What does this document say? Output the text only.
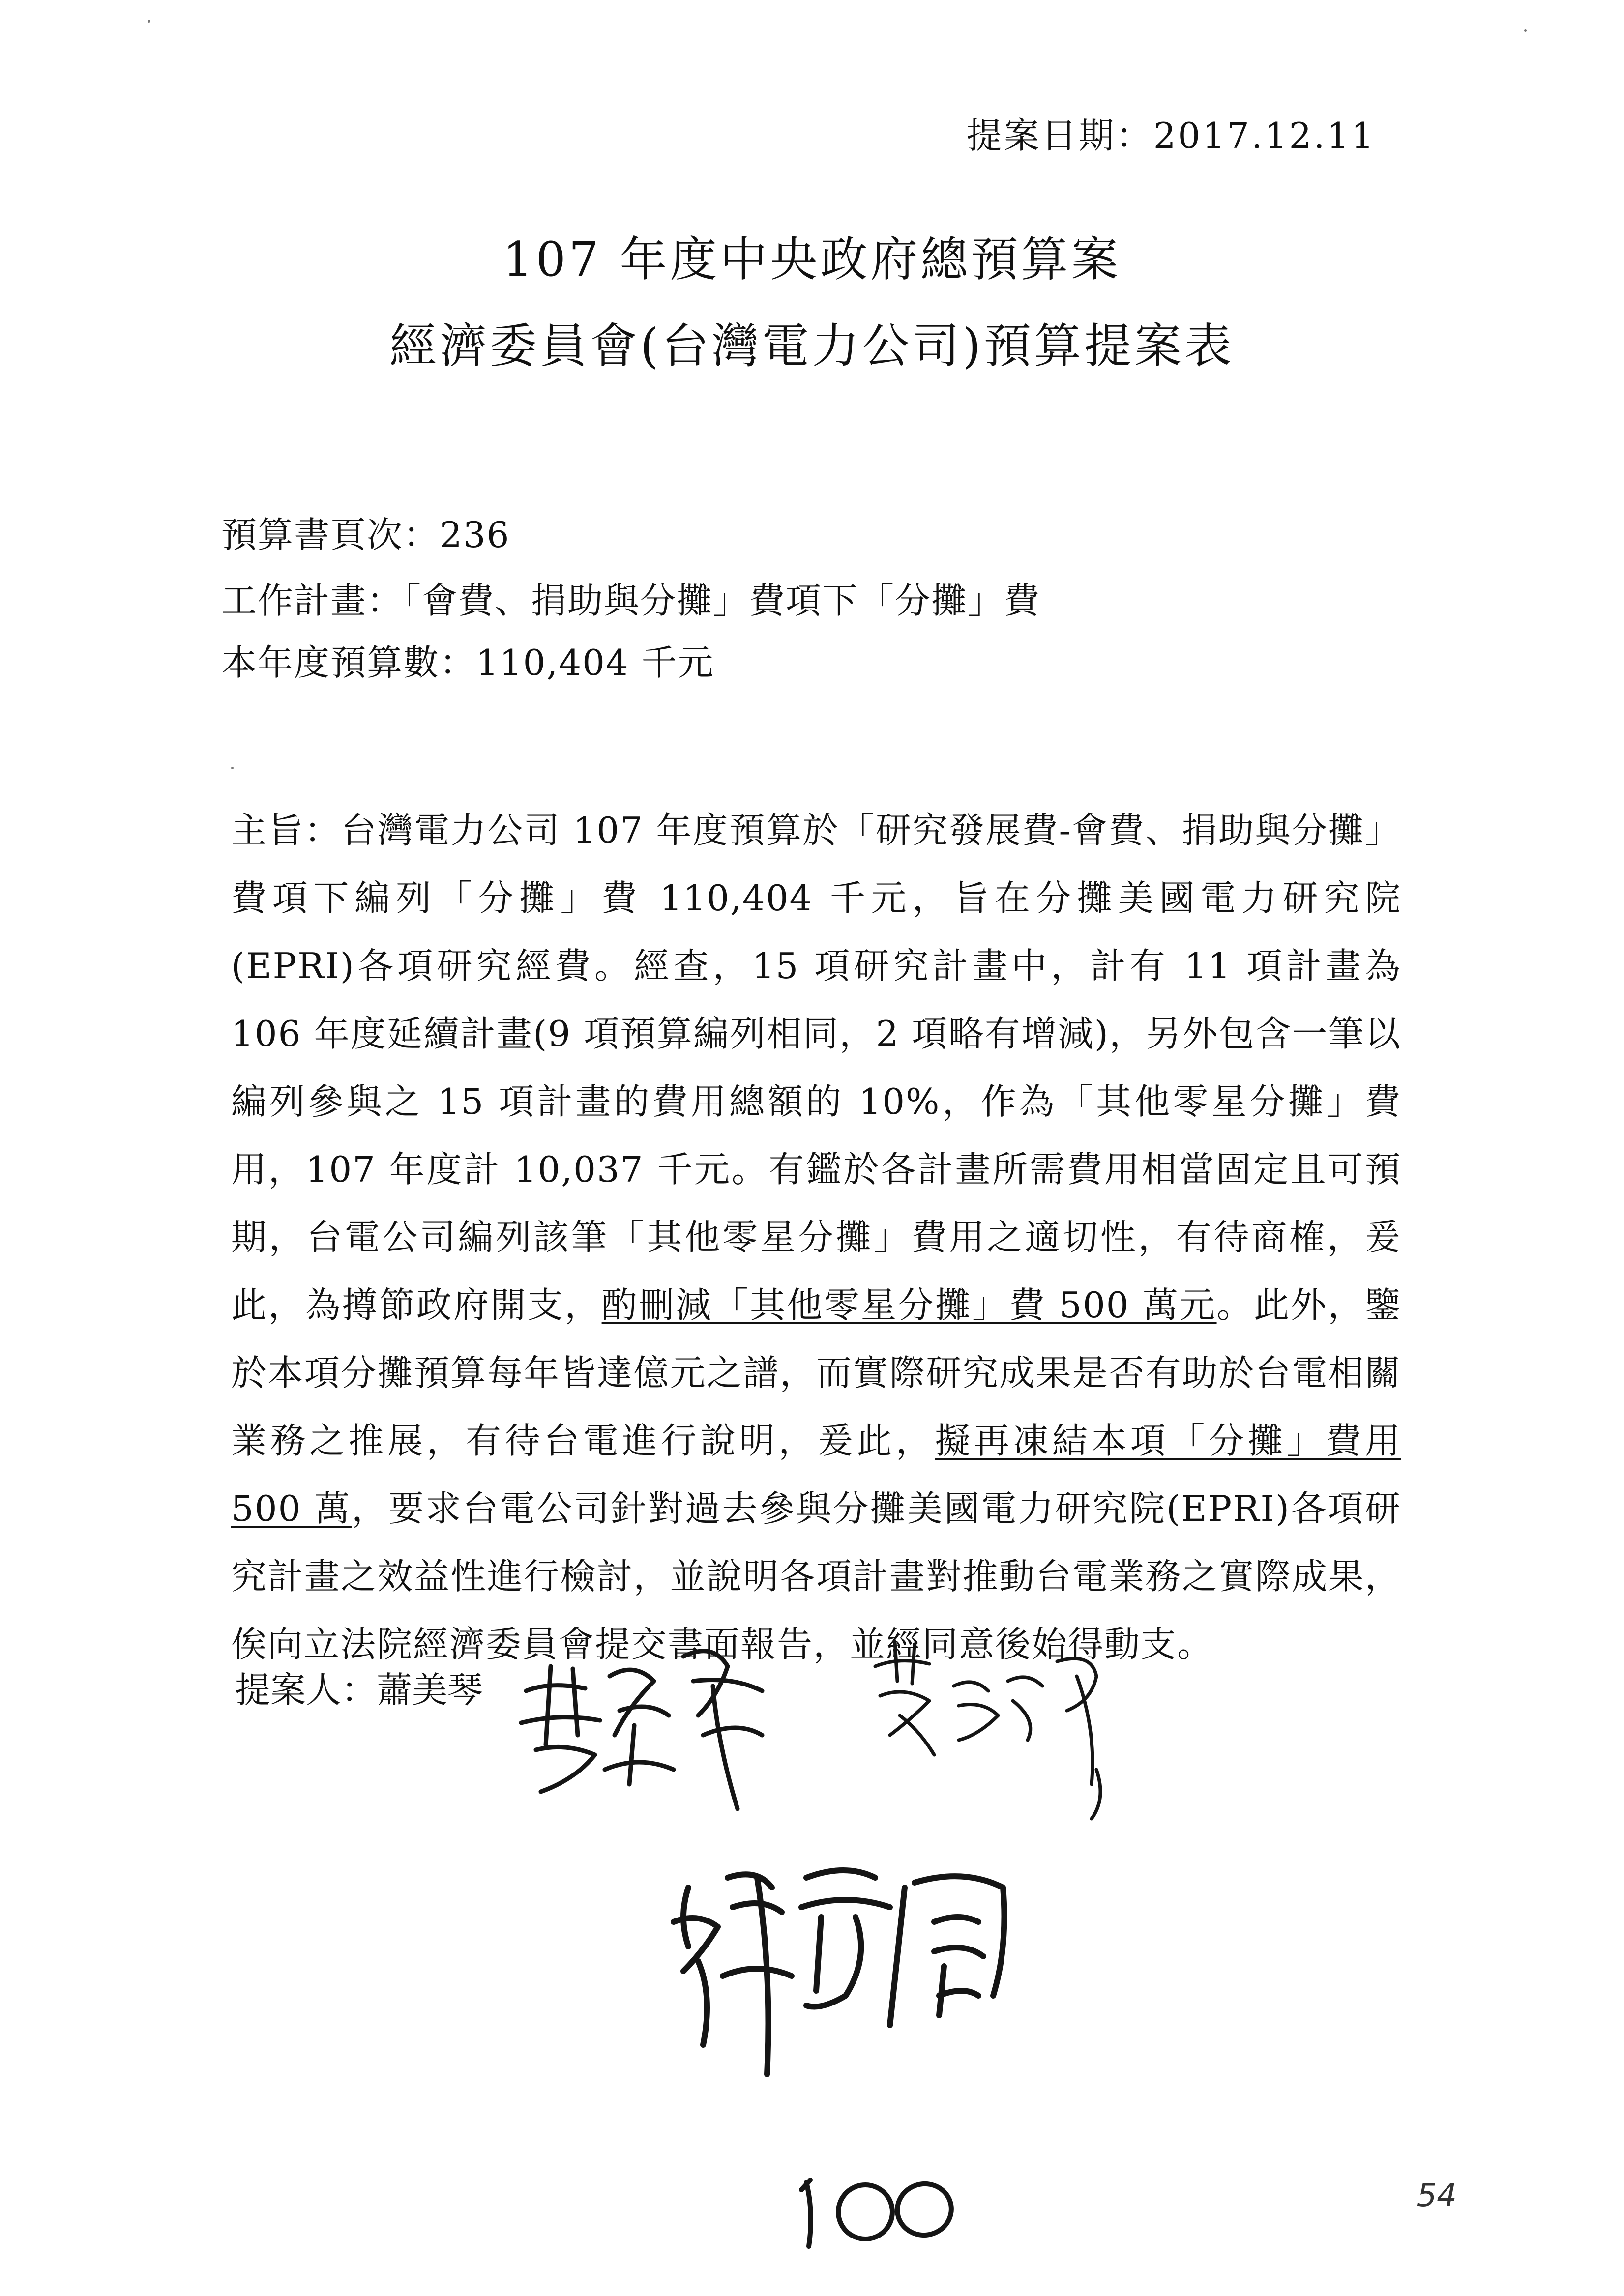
提案日期：2017.12.11
107 年度中央政府總預算案
經濟委員會(台灣電力公司)預算提案表
預算書頁次：236
工作計畫：「會費、捐助與分攤」費項下「分攤」費
本年度預算數：110,404 千元

主旨：台灣電力公司 107 年度預算於「研究發展費-會費、捐助與分攤」費項下編列「分攤」費 110,404 千元，旨在分攤美國電力研究院(EPRI)各項研究經費。經查，15 項研究計畫中，計有 11 項計畫為 106 年度延續計畫(9 項預算編列相同，2 項略有增減)，另外包含一筆以編列參與之 15 項計畫的費用總額的 10%，作為「其他零星分攤」費用，107 年度計 10,037 千元。有鑑於各計畫所需費用相當固定且可預期，台電公司編列該筆「其他零星分攤」費用之適切性，有待商榷，爰此，為撙節政府開支，酌刪減「其他零星分攤」費 500 萬元。此外，鑒於本項分攤預算每年皆達億元之譜，而實際研究成果是否有助於台電相關業務之推展，有待台電進行說明，爰此，擬再凍結本項「分攤」費用 500 萬，要求台電公司針對過去參與分攤美國電力研究院(EPRI)各項研究計畫之效益性進行檢討，並說明各項計畫對推動台電業務之實際成果，俟向立法院經濟委員會提交書面報告，並經同意後始得動支。

提案人：蕭美琴
54
